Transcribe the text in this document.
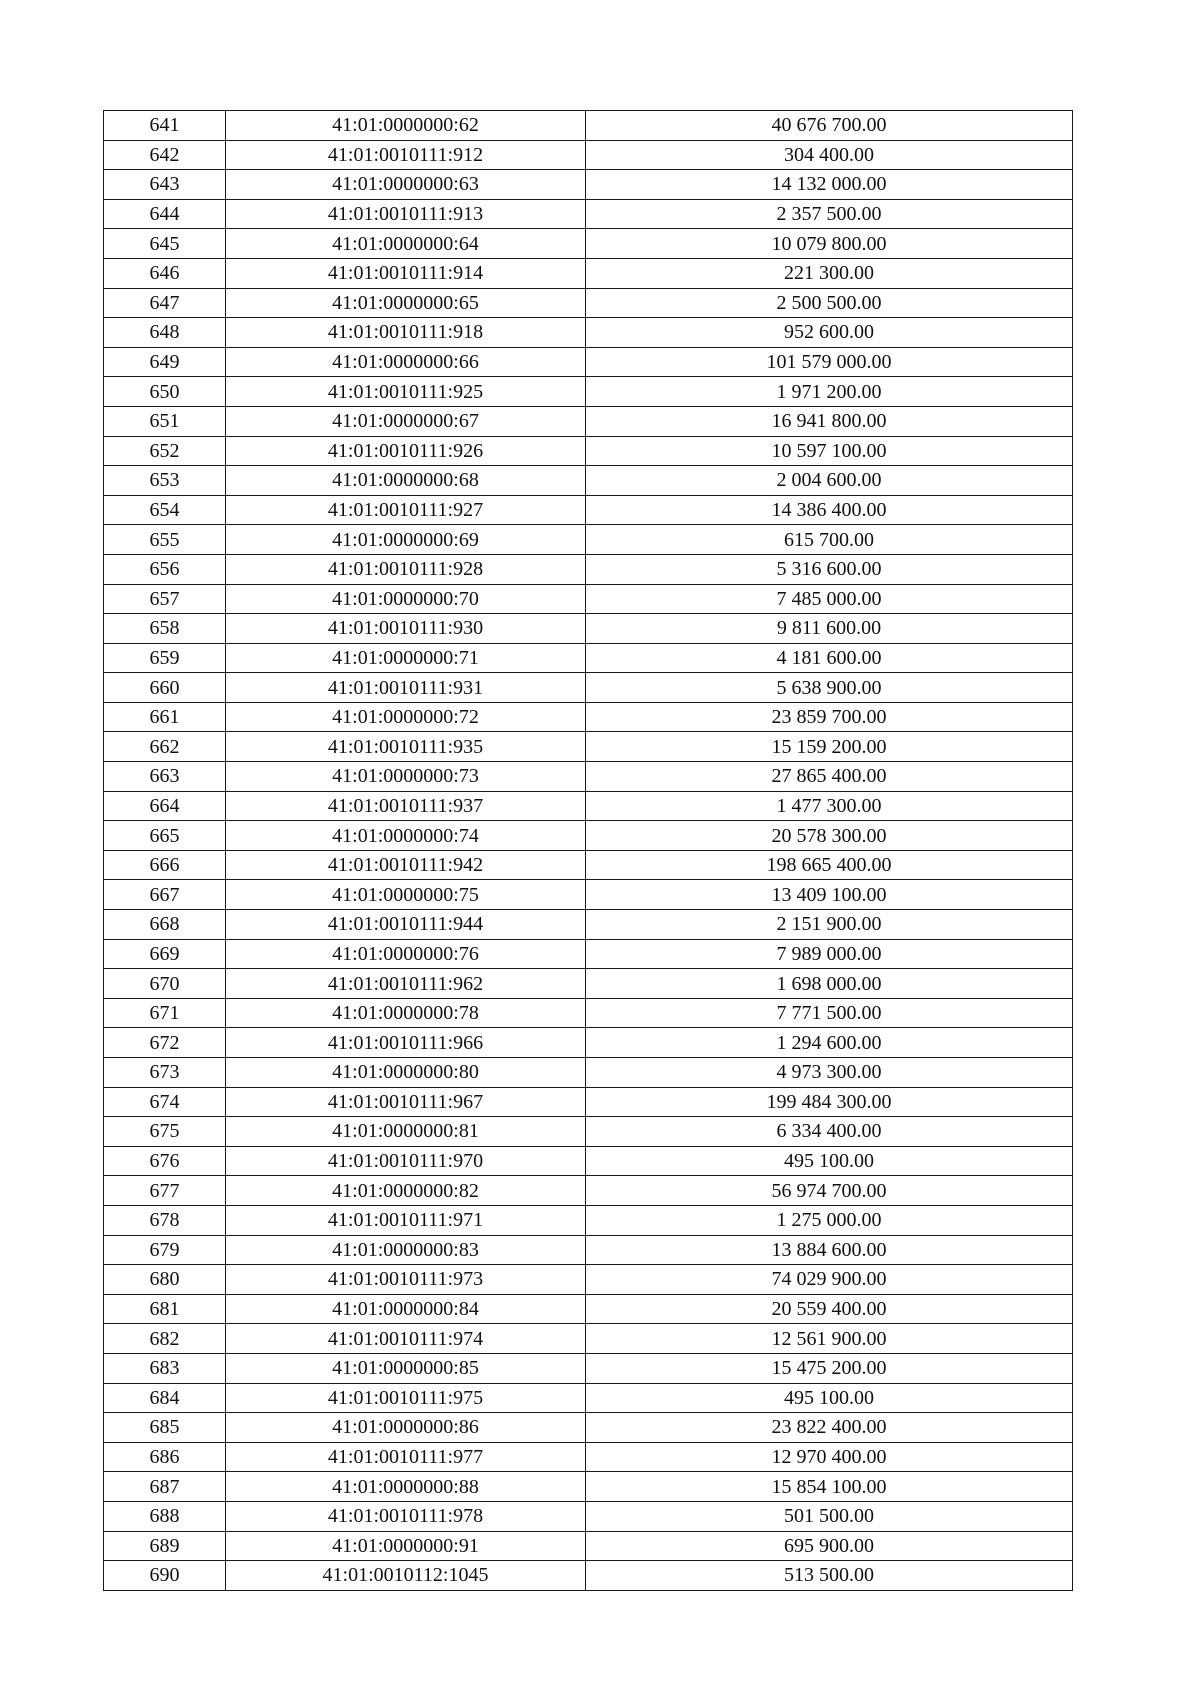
641	41:01:0000000:62	40 676 700.00
642	41:01:0010111:912	304 400.00
643	41:01:0000000:63	14 132 000.00
644	41:01:0010111:913	2 357 500.00
645	41:01:0000000:64	10 079 800.00
646	41:01:0010111:914	221 300.00
647	41:01:0000000:65	2 500 500.00
648	41:01:0010111:918	952 600.00
649	41:01:0000000:66	101 579 000.00
650	41:01:0010111:925	1 971 200.00
651	41:01:0000000:67	16 941 800.00
652	41:01:0010111:926	10 597 100.00
653	41:01:0000000:68	2 004 600.00
654	41:01:0010111:927	14 386 400.00
655	41:01:0000000:69	615 700.00
656	41:01:0010111:928	5 316 600.00
657	41:01:0000000:70	7 485 000.00
658	41:01:0010111:930	9 811 600.00
659	41:01:0000000:71	4 181 600.00
660	41:01:0010111:931	5 638 900.00
661	41:01:0000000:72	23 859 700.00
662	41:01:0010111:935	15 159 200.00
663	41:01:0000000:73	27 865 400.00
664	41:01:0010111:937	1 477 300.00
665	41:01:0000000:74	20 578 300.00
666	41:01:0010111:942	198 665 400.00
667	41:01:0000000:75	13 409 100.00
668	41:01:0010111:944	2 151 900.00
669	41:01:0000000:76	7 989 000.00
670	41:01:0010111:962	1 698 000.00
671	41:01:0000000:78	7 771 500.00
672	41:01:0010111:966	1 294 600.00
673	41:01:0000000:80	4 973 300.00
674	41:01:0010111:967	199 484 300.00
675	41:01:0000000:81	6 334 400.00
676	41:01:0010111:970	495 100.00
677	41:01:0000000:82	56 974 700.00
678	41:01:0010111:971	1 275 000.00
679	41:01:0000000:83	13 884 600.00
680	41:01:0010111:973	74 029 900.00
681	41:01:0000000:84	20 559 400.00
682	41:01:0010111:974	12 561 900.00
683	41:01:0000000:85	15 475 200.00
684	41:01:0010111:975	495 100.00
685	41:01:0000000:86	23 822 400.00
686	41:01:0010111:977	12 970 400.00
687	41:01:0000000:88	15 854 100.00
688	41:01:0010111:978	501 500.00
689	41:01:0000000:91	695 900.00
690	41:01:0010112:1045	513 500.00
